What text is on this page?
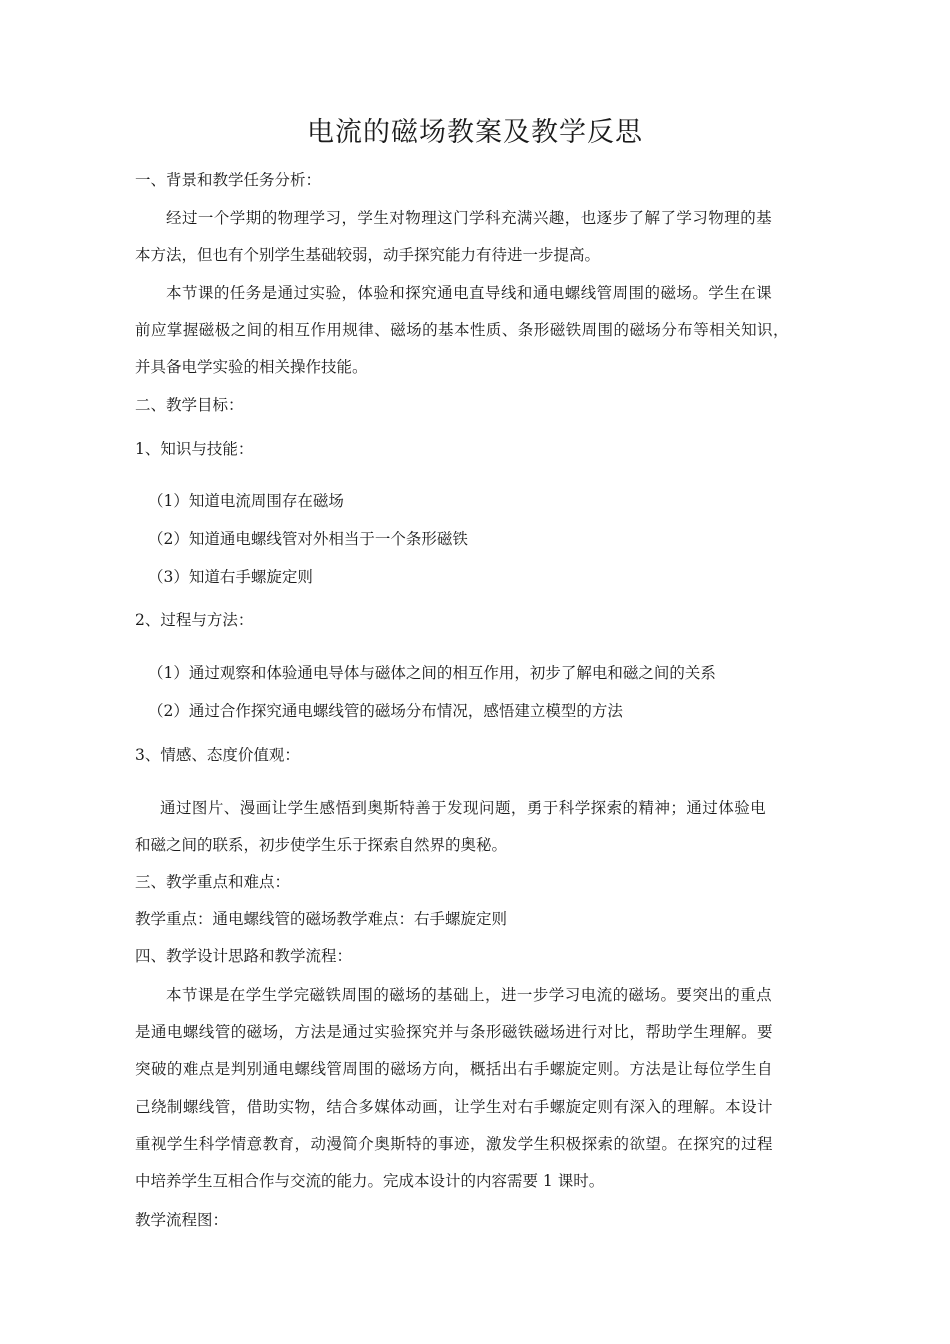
电流的磁场教案及教学反思
一、背景和教学任务分析：
经过一个学期的物理学习，学生对物理这门学科充满兴趣，也逐步了解了学习物理的基
本方法，但也有个别学生基础较弱，动手探究能力有待进一步提高。
本节课的任务是通过实验，体验和探究通电直导线和通电螺线管周围的磁场。学生在课
前应掌握磁极之间的相互作用规律、磁场的基本性质、条形磁铁周围的磁场分布等相关知识，
并具备电学实验的相关操作技能。
二、教学目标：
1、知识与技能：
（1）知道电流周围存在磁场
（2）知道通电螺线管对外相当于一个条形磁铁
（3）知道右手螺旋定则
2、过程与方法：
（1）通过观察和体验通电导体与磁体之间的相互作用，初步了解电和磁之间的关系
（2）通过合作探究通电螺线管的磁场分布情况，感悟建立模型的方法
3、情感、态度价值观：
通过图片、漫画让学生感悟到奥斯特善于发现问题，勇于科学探索的精神；通过体验电
和磁之间的联系，初步使学生乐于探索自然界的奥秘。
三、教学重点和难点：
教学重点：通电螺线管的磁场教学难点：右手螺旋定则
四、教学设计思路和教学流程：
本节课是在学生学完磁铁周围的磁场的基础上，进一步学习电流的磁场。要突出的重点
是通电螺线管的磁场，方法是通过实验探究并与条形磁铁磁场进行对比，帮助学生理解。要
突破的难点是判别通电螺线管周围的磁场方向，概括出右手螺旋定则。方法是让每位学生自
己绕制螺线管，借助实物，结合多媒体动画，让学生对右手螺旋定则有深入的理解。本设计
重视学生科学情意教育，动漫简介奥斯特的事迹，激发学生积极探索的欲望。在探究的过程
中培养学生互相合作与交流的能力。完成本设计的内容需要 1 课时。
教学流程图：
